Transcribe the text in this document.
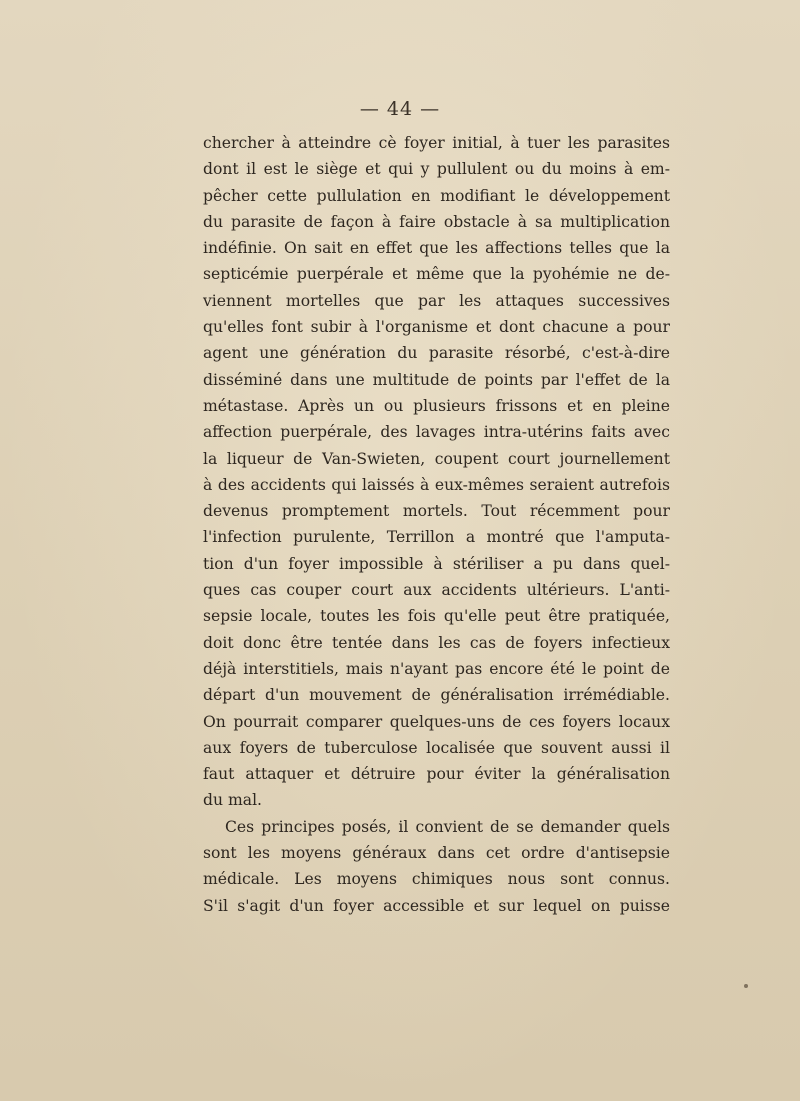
— 44 —
chercher à atteindre cè foyer initial, à tuer les parasites
dont il est le siège et qui y pullulent ou du moins à em-
pêcher cette pullulation en modifiant le développement
du parasite de façon à faire obstacle à sa multiplication
indéfinie. On sait en effet que les affections telles que la
septicémie puerpérale et même que la pyohémie ne de-
viennent mortelles que par les attaques successives
qu'elles font subir à l'organisme et dont chacune a pour
agent une génération du parasite résorbé, c'est-à-dire
disséminé dans une multitude de points par l'effet de la
métastase. Après un ou plusieurs frissons et en pleine
affection puerpérale, des lavages intra-utérins faits avec
la liqueur de Van-Swieten, coupent court journellement
à des accidents qui laissés à eux-mêmes seraient autrefois
devenus promptement mortels. Tout récemment pour
l'infection purulente, Terrillon a montré que l'amputa-
tion d'un foyer impossible à stériliser a pu dans quel-
ques cas couper court aux accidents ultérieurs. L'anti-
sepsie locale, toutes les fois qu'elle peut être pratiquée,
doit donc être tentée dans les cas de foyers infectieux
déjà interstitiels, mais n'ayant pas encore été le point de
départ d'un mouvement de généralisation irrémédiable.
On pourrait comparer quelques-uns de ces foyers locaux
aux foyers de tuberculose localisée que souvent aussi il
faut attaquer et détruire pour éviter la généralisation
du mal.
Ces principes posés, il convient de se demander quels
sont les moyens généraux dans cet ordre d'antisepsie
médicale. Les moyens chimiques nous sont connus.
S'il s'agit d'un foyer accessible et sur lequel on puisse
